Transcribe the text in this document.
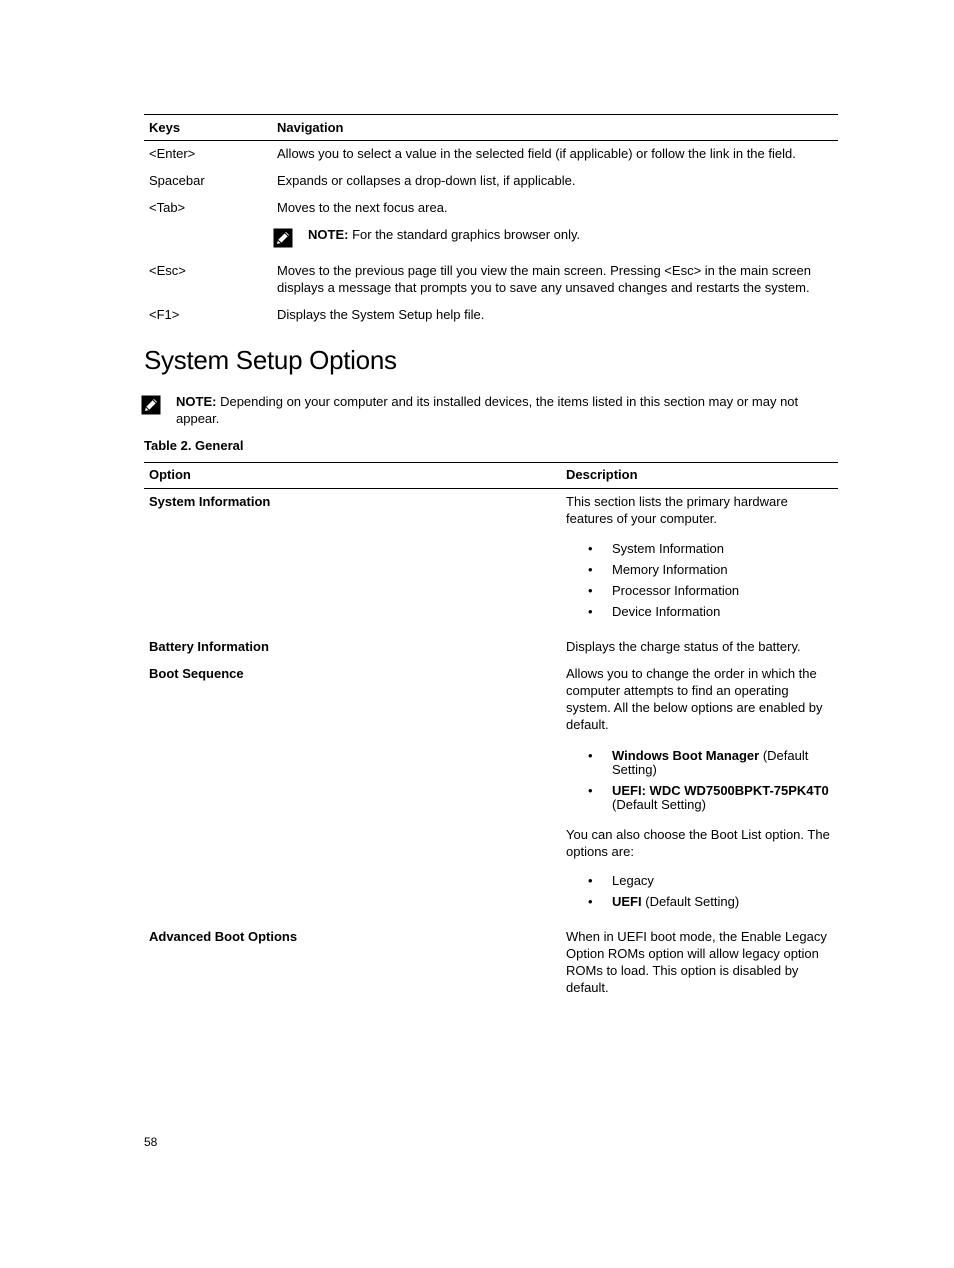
Keys	Navigation
<Enter>	Allows you to select a value in the selected field (if applicable) or follow the link in the field.
Spacebar	Expands or collapses a drop-down list, if applicable.
<Tab>	Moves to the next focus area.
NOTE: For the standard graphics browser only.
<Esc>	Moves to the previous page till you view the main screen. Pressing <Esc> in the main screen displays a message that prompts you to save any unsaved changes and restarts the system.
<F1>	Displays the System Setup help file.
System Setup Options
NOTE: Depending on your computer and its installed devices, the items listed in this section may or may not appear.
Table 2. General
Option	Description
System Information	This section lists the primary hardware features of your computer.
• System Information
• Memory Information
• Processor Information
• Device Information
Battery Information	Displays the charge status of the battery.
Boot Sequence	Allows you to change the order in which the computer attempts to find an operating system. All the below options are enabled by default.
• Windows Boot Manager (Default Setting)
• UEFI: WDC WD7500BPKT-75PK4T0
(Default Setting)
You can also choose the Boot List option. The options are:
• Legacy
• UEFI (Default Setting)
Advanced Boot Options	When in UEFI boot mode, the Enable Legacy Option ROMs option will allow legacy option ROMs to load. This option is disabled by default.
58
